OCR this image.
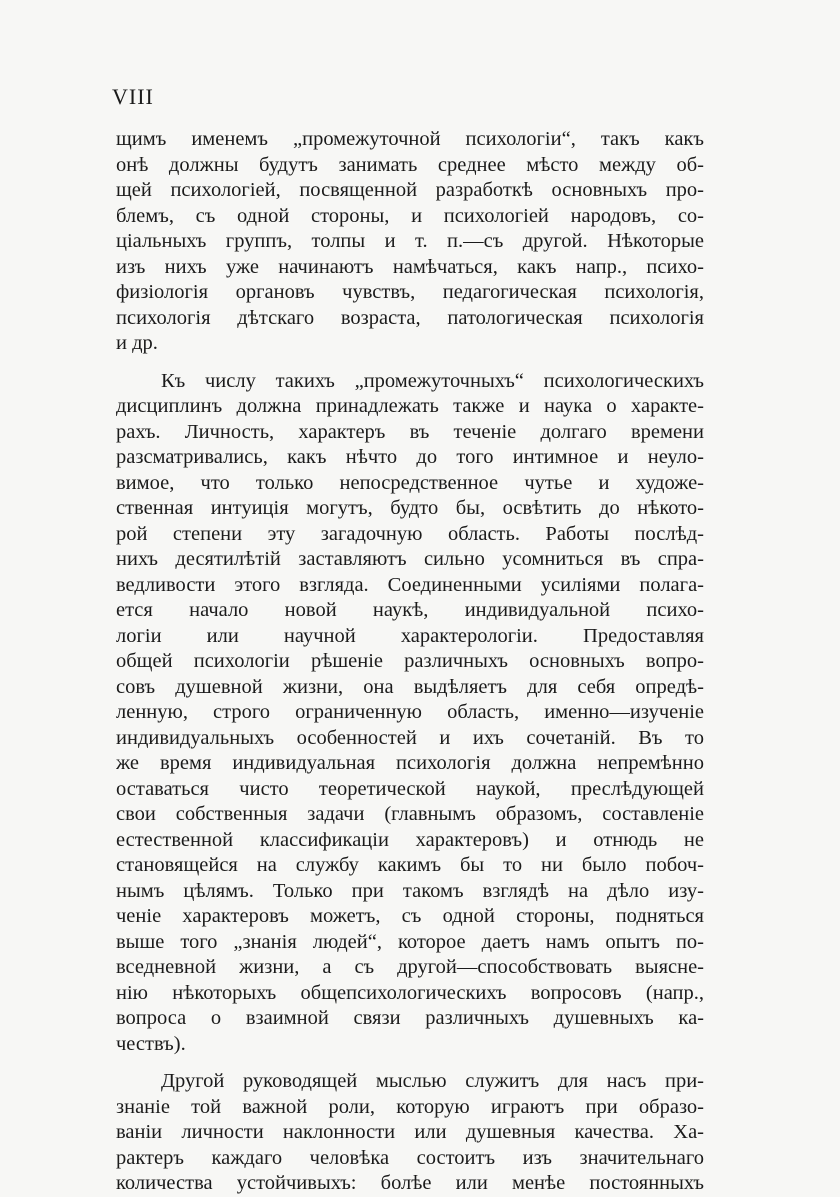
VIII
щимъ именемъ „промежуточной психологіи“, такъ какъ
онѣ должны будутъ занимать среднее мѣсто между об-
щей психологіей, посвященной разработкѣ основныхъ про-
блемъ, съ одной стороны, и психологіей народовъ, со-
ціальныхъ группъ, толпы и т. п.—съ другой. Нѣкоторые
изъ нихъ уже начинаютъ намѣчаться, какъ напр., психо-
физіологія органовъ чувствъ, педагогическая психологія,
психологія дѣтскаго возраста, патологическая психологія
и др.
Къ числу такихъ „промежуточныхъ“ психологическихъ
дисциплинъ должна принадлежать также и наука о характе-
рахъ. Личность, характеръ въ теченіе долгаго времени
разсматривались, какъ нѣчто до того интимное и неуло-
вимое, что только непосредственное чутье и художе-
ственная интуиція могутъ, будто бы, освѣтить до нѣкото-
рой степени эту загадочную область. Работы послѣд-
нихъ десятилѣтій заставляютъ сильно усомниться въ спра-
ведливости этого взгляда. Соединенными усиліями полага-
ется начало новой наукѣ, индивидуальной психо-
логіи или научной характерологіи. Предоставляя
общей психологіи рѣшеніе различныхъ основныхъ вопро-
совъ душевной жизни, она выдѣляетъ для себя опредѣ-
ленную, строго ограниченную область, именно—изученіе
индивидуальныхъ особенностей и ихъ сочетаній. Въ то
же время индивидуальная психологія должна непремѣнно
оставаться чисто теоретической наукой, преслѣдующей
свои собственныя задачи (главнымъ образомъ, составленіе
естественной классификаціи характеровъ) и отнюдь не
становящейся на службу какимъ бы то ни было побоч-
нымъ цѣлямъ. Только при такомъ взглядѣ на дѣло изу-
ченіе характеровъ можетъ, съ одной стороны, подняться
выше того „знанія людей“, которое даетъ намъ опытъ по-
вседневной жизни, а съ другой—способствовать выясне-
нію нѣкоторыхъ общепсихологическихъ вопросовъ (напр.,
вопроса о взаимной связи различныхъ душевныхъ ка-
чествъ).
Другой руководящей мыслью служитъ для насъ при-
знаніе той важной роли, которую играютъ при образо-
ваніи личности наклонности или душевныя качества. Ха-
рактеръ каждаго человѣка состоитъ изъ значительнаго
количества устойчивыхъ: болѣе или менѣе постоянныхъ
